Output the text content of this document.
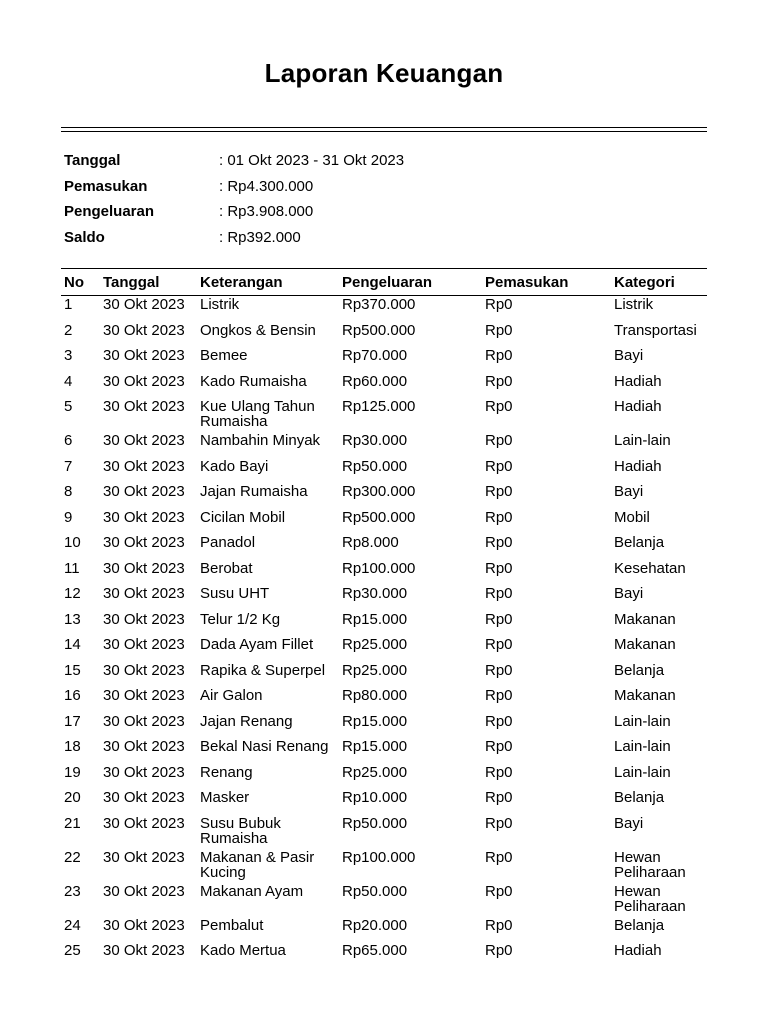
Laporan Keuangan
Tanggal	: 01 Okt 2023 - 31 Okt 2023
Pemasukan	: Rp4.300.000
Pengeluaran	: Rp3.908.000
Saldo	: Rp392.000
No	Tanggal	Keterangan	Pengeluaran	Pemasukan	Kategori
1	30 Okt 2023	Listrik	Rp370.000	Rp0	Listrik
2	30 Okt 2023	Ongkos & Bensin	Rp500.000	Rp0	Transportasi
3	30 Okt 2023	Bemee	Rp70.000	Rp0	Bayi
4	30 Okt 2023	Kado Rumaisha	Rp60.000	Rp0	Hadiah
5	30 Okt 2023	Kue Ulang Tahun Rumaisha	Rp125.000	Rp0	Hadiah
6	30 Okt 2023	Nambahin Minyak	Rp30.000	Rp0	Lain-lain
7	30 Okt 2023	Kado Bayi	Rp50.000	Rp0	Hadiah
8	30 Okt 2023	Jajan Rumaisha	Rp300.000	Rp0	Bayi
9	30 Okt 2023	Cicilan Mobil	Rp500.000	Rp0	Mobil
10	30 Okt 2023	Panadol	Rp8.000	Rp0	Belanja
11	30 Okt 2023	Berobat	Rp100.000	Rp0	Kesehatan
12	30 Okt 2023	Susu UHT	Rp30.000	Rp0	Bayi
13	30 Okt 2023	Telur 1/2 Kg	Rp15.000	Rp0	Makanan
14	30 Okt 2023	Dada Ayam Fillet	Rp25.000	Rp0	Makanan
15	30 Okt 2023	Rapika & Superpel	Rp25.000	Rp0	Belanja
16	30 Okt 2023	Air Galon	Rp80.000	Rp0	Makanan
17	30 Okt 2023	Jajan Renang	Rp15.000	Rp0	Lain-lain
18	30 Okt 2023	Bekal Nasi Renang	Rp15.000	Rp0	Lain-lain
19	30 Okt 2023	Renang	Rp25.000	Rp0	Lain-lain
20	30 Okt 2023	Masker	Rp10.000	Rp0	Belanja
21	30 Okt 2023	Susu Bubuk Rumaisha	Rp50.000	Rp0	Bayi
22	30 Okt 2023	Makanan & Pasir Kucing	Rp100.000	Rp0	Hewan Peliharaan
23	30 Okt 2023	Makanan Ayam	Rp50.000	Rp0	Hewan Peliharaan
24	30 Okt 2023	Pembalut	Rp20.000	Rp0	Belanja
25	30 Okt 2023	Kado Mertua	Rp65.000	Rp0	Hadiah
